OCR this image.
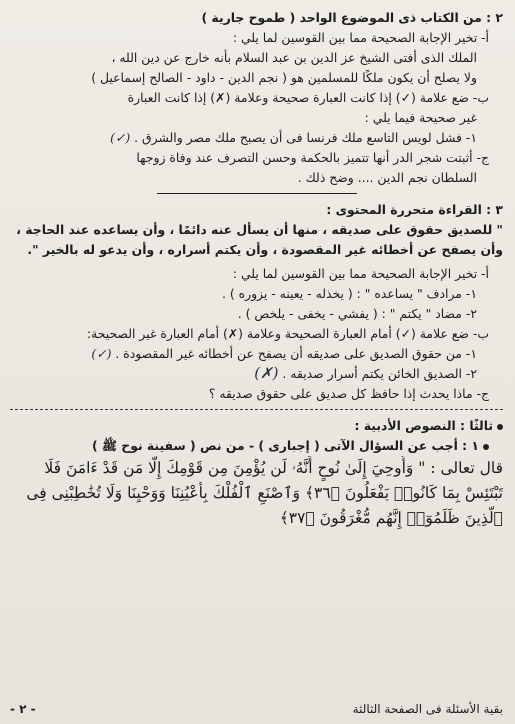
٢ : من الكتاب ذى الموضوع الواحد ( طموح جارية )
أ- تخير الإجابة الصحيحة مما بين القوسين لما يلي :
الملك الذى أفتى الشيخ عز الدين بن عبد السلام بأنه خارج عن دين الله ،
ولا يصلح أن يكون ملكًا للمسلمين هو ( نجم الدين - داود - الصالح إسماعيل )
ب- ضع علامة (✓) إذا كانت العبارة صحيحة وعلامة (✗) إذا كانت العبارة
غير صحيحة فيما يلي :
١- فشل لويس التاسع ملك فرنسا فى أن يصبح ملك مصر والشرق . (✓)
ج- أثبتت شجر الدر أنها تتميز بالحكمة وحسن التصرف عند وفاة زوجها
السلطان نجم الدين .... وضح ذلك .
٣ : القراءة متحررة المحتوى :
" للصديق حقوق على صديقه ، منها أن يسأل عنه دائمًا ، وأن يساعده عند الحاجة ،
وأن يصفح عن أخطائه غير المقصودة ، وأن يكتم أسراره ، وأن يدعو له بالخير ".
أ- تخير الإجابة الصحيحة مما بين القوسين لما يلي :
١- مرادف " يساعده " : ( يخذله - يعينه - يزوره ) .
٢- مضاد " يكتم " : ( يفشي - يخفى - يلخص ) .
ب- ضع علامة (✓) أمام العبارة الصحيحة وعلامة (✗) أمام العبارة غير الصحيحة:
١- من حقوق الصديق على صديقه أن يصفح عن أخطائه غير المقصودة . (✓)
٢- الصديق الخائن يكتم أسرار صديقه . (✗)
ج- ماذا يحدث إذا حافظ كل صديق على حقوق صديقه ؟
ثالثًا : النصوص الأدبية :
١ : أجب عن السؤال الآتى ( إجبارى ) - من نص ( سفينة نوح ﷺ )
قال تعالى : " وَأُوحِيَ إِلَىٰ نُوحٍ أَنَّهُۥ لَن يُؤْمِنَ مِن قَوْمِكَ إِلَّا مَن قَدْ ءَامَنَ فَلَا
تَبْتَئِسْ بِمَا كَانُوا۟ يَفْعَلُونَ ﴿٣٦﴾ وَٱصْنَعِ ٱلْفُلْكَ بِأَعْيُنِنَا وَوَحْيِنَا وَلَا تُخَٰطِبْنِى فِى
ٱلَّذِينَ ظَلَمُوٓا۟ إِنَّهُم مُّغْرَقُونَ ﴿٣٧﴾
بقية الأسئلة فى الصفحة الثالثة
- ٢ -
